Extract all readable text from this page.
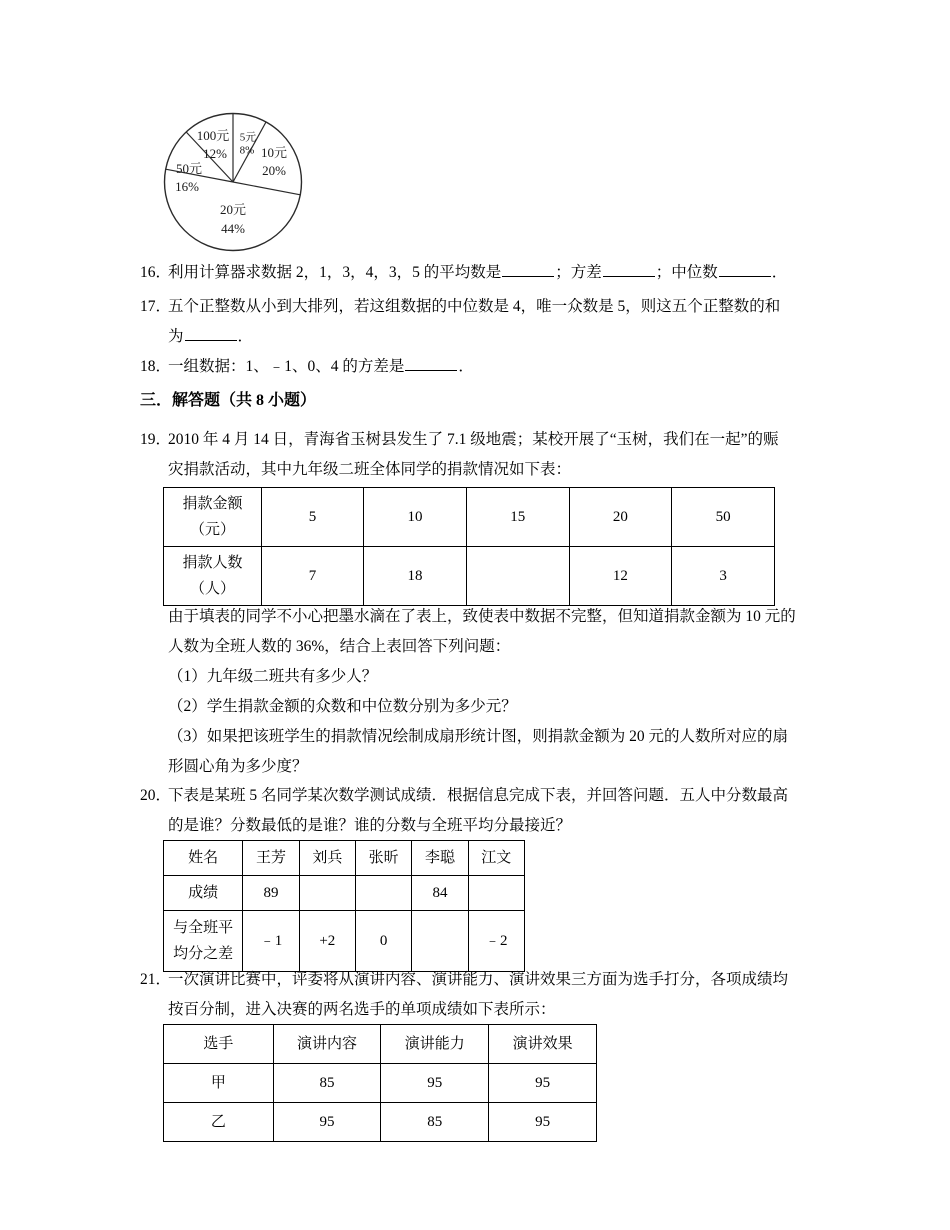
5元
8% 10元
20%
20元
44%
50元
16%
100元
12%
16．
利用计算器求数据 2，1，3，4，3，5 的平均数是	；方差	；中位数	．
17．
五个正整数从小到大排列，若这组数据的中位数是 4，唯一众数是 5，则这五个正整数的和
为	．
18．
一组数据：1、﹣1、0、4 的方差是	．
三．解答题（共 8 小题）
19．
2010 年 4 月 14 日，青海省玉树县发生了 7.1 级地震；某校开展了“玉树，我们在一起”的赈
灾捐款活动，其中九年级二班全体同学的捐款情况如下表：
捐款金额
（元）	5	10	15	20	50

捐款人数
（人）	7	18		12	3
由于填表的同学不小心把墨水滴在了表上，致使表中数据不完整，但知道捐款金额为 10 元的
人数为全班人数的 36%，结合上表回答下列问题：
（1）九年级二班共有多少人？
（2）学生捐款金额的众数和中位数分别为多少元？
（3）如果把该班学生的捐款情况绘制成扇形统计图，则捐款金额为 20 元的人数所对应的扇
形圆心角为多少度？
20．
下表是某班 5 名同学某次数学测试成绩．根据信息完成下表，并回答问题．五人中分数最高
的是谁？分数最低的是谁？谁的分数与全班平均分最接近？
姓名	王芳	刘兵	张昕	李聪	江文
成绩	89			84	

与全班平
均分之差	﹣1	+2	0		﹣2
21．
一次演讲比赛中，评委将从演讲内容、演讲能力、演讲效果三方面为选手打分，各项成绩均
按百分制，进入决赛的两名选手的单项成绩如下表所示：
选手	演讲内容	演讲能力	演讲效果
甲	85	95	95
乙	95	85	95
